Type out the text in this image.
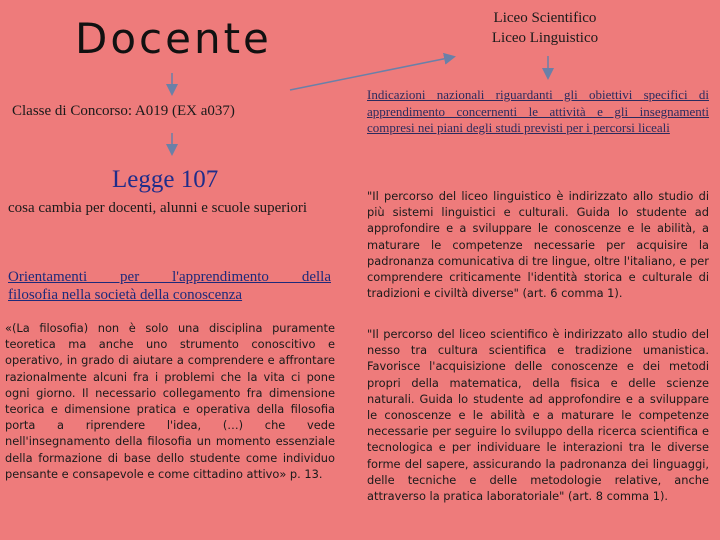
Docente	Liceo Scientifico
Liceo Linguistico
Classe di Concorso: A019 (EX a037)
Indicazioni nazionali riguardanti gli obiettivi specifici di apprendimento concernenti le attività e gli insegnamenti compresi nei piani degli studi previsti per i percorsi liceali
Legge 107
cosa cambia per docenti, alunni e scuole superiori
Orientamenti per l'apprendimento della
filosofia nella società della conoscenza
«(La filosofia) non è solo una disciplina puramente teoretica ma anche uno strumento conoscitivo e operativo, in grado di aiutare a comprendere e affrontare razionalmente alcuni fra i problemi che la vita ci pone ogni giorno. Il necessario collegamento fra dimensione teorica e dimensione pratica e operativa della filosofia porta a riprendere l'idea, (…) che vede nell'insegnamento della filosofia un momento essenziale della formazione di base dello studente come individuo pensante e consapevole e come cittadino attivo» p. 13.
"Il percorso del liceo linguistico è indirizzato allo studio di più sistemi linguistici e culturali. Guida lo studente ad approfondire e a sviluppare le conoscenze e le abilità, a maturare le competenze necessarie per acquisire la padronanza comunicativa di tre lingue, oltre l'italiano, e per comprendere criticamente l'identità storica e culturale di tradizioni e civiltà diverse" (art. 6 comma 1).
"Il percorso del liceo scientifico è indirizzato allo studio del nesso tra cultura scientifica e tradizione umanistica. Favorisce l'acquisizione delle conoscenze e dei metodi propri della matematica, della fisica e delle scienze naturali. Guida lo studente ad approfondire e a sviluppare le conoscenze e le abilità e a maturare le competenze necessarie per seguire lo sviluppo della ricerca scientifica e tecnologica e per individuare le interazioni tra le diverse forme del sapere, assicurando la padronanza dei linguaggi, delle tecniche e delle metodologie relative, anche attraverso la pratica laboratoriale" (art. 8 comma 1).
